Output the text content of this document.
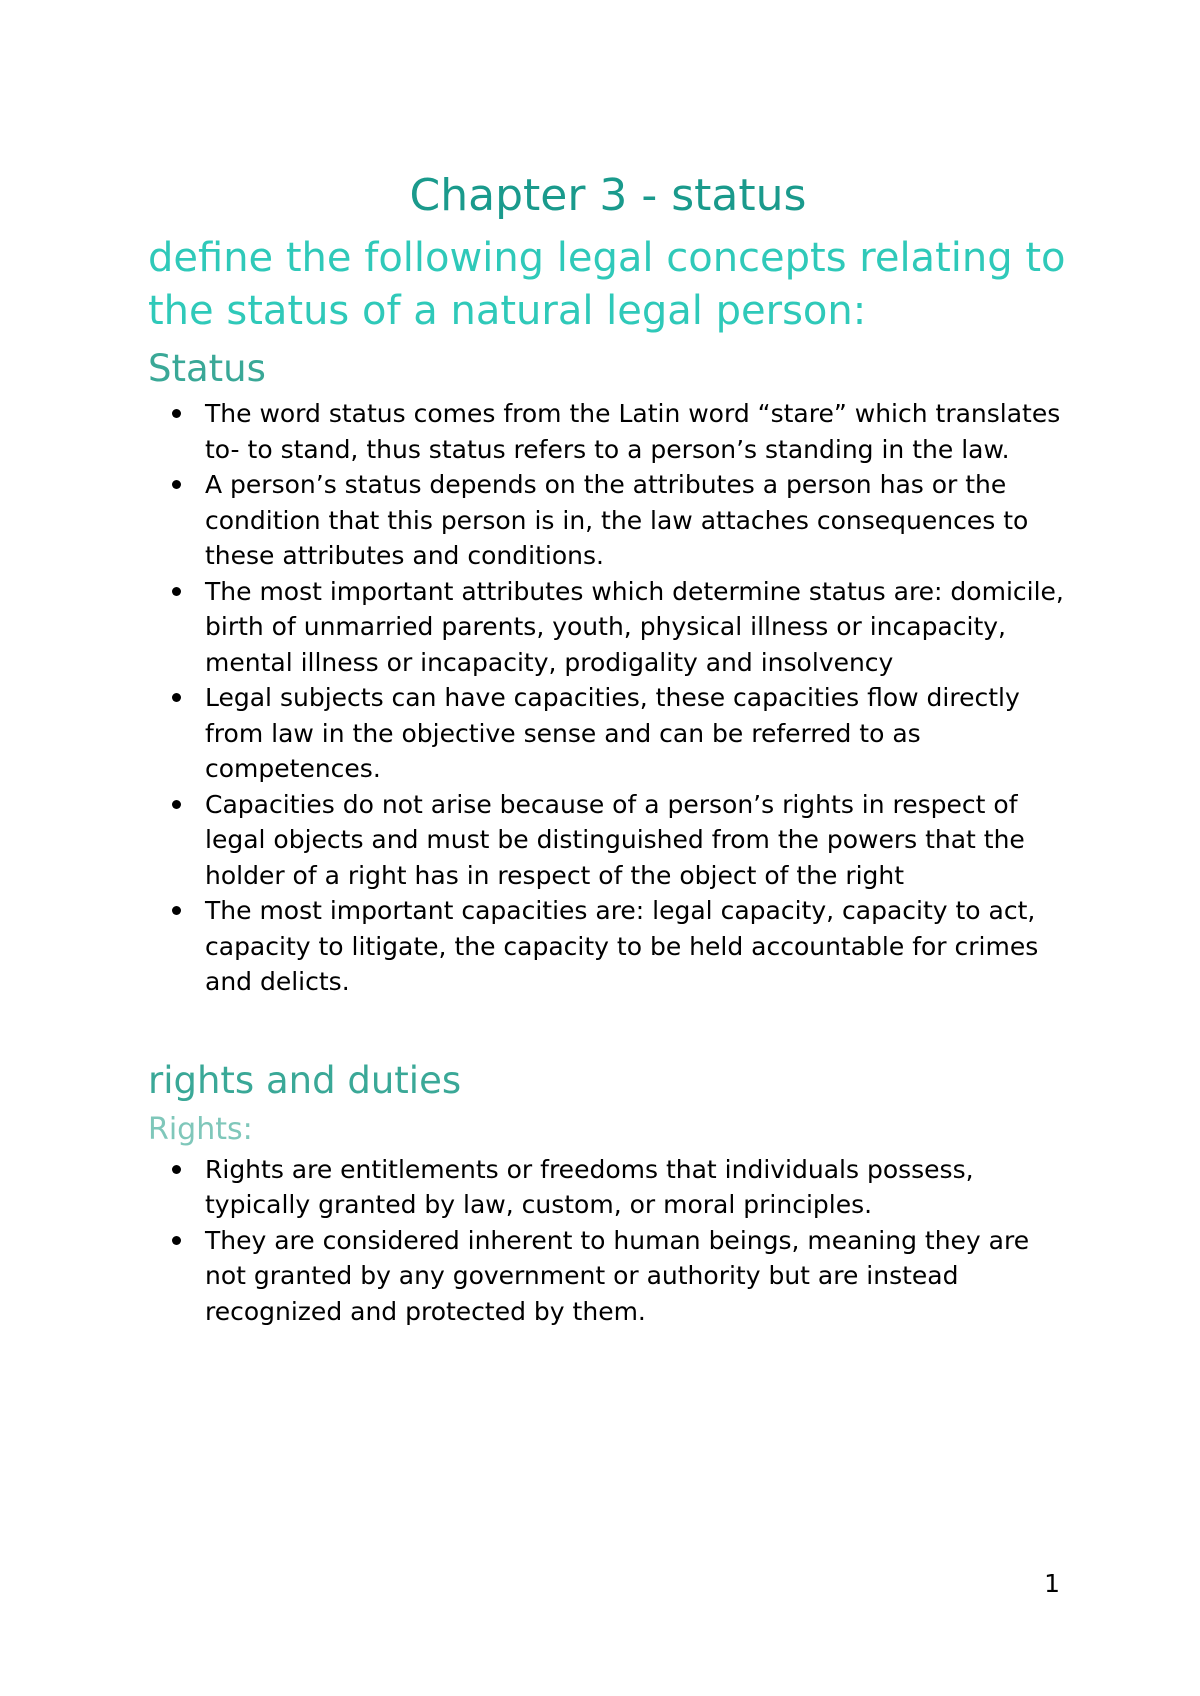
Chapter 3 - status
define the following legal concepts relating to the status of a natural legal person:
Status
The word status comes from the Latin word “stare” which translates to- to stand, thus status refers to a person’s standing in the law.
A person’s status depends on the attributes a person has or the condition that this person is in, the law attaches consequences to these attributes and conditions.
The most important attributes which determine status are: domicile, birth of unmarried parents, youth, physical illness or incapacity, mental illness or incapacity, prodigality and insolvency
Legal subjects can have capacities, these capacities flow directly from law in the objective sense and can be referred to as competences.
Capacities do not arise because of a person’s rights in respect of legal objects and must be distinguished from the powers that the holder of a right has in respect of the object of the right
The most important capacities are: legal capacity, capacity to act, capacity to litigate, the capacity to be held accountable for crimes and delicts.
rights and duties
Rights:
Rights are entitlements or freedoms that individuals possess, typically granted by law, custom, or moral principles.
They are considered inherent to human beings, meaning they are not granted by any government or authority but are instead recognized and protected by them.
1
